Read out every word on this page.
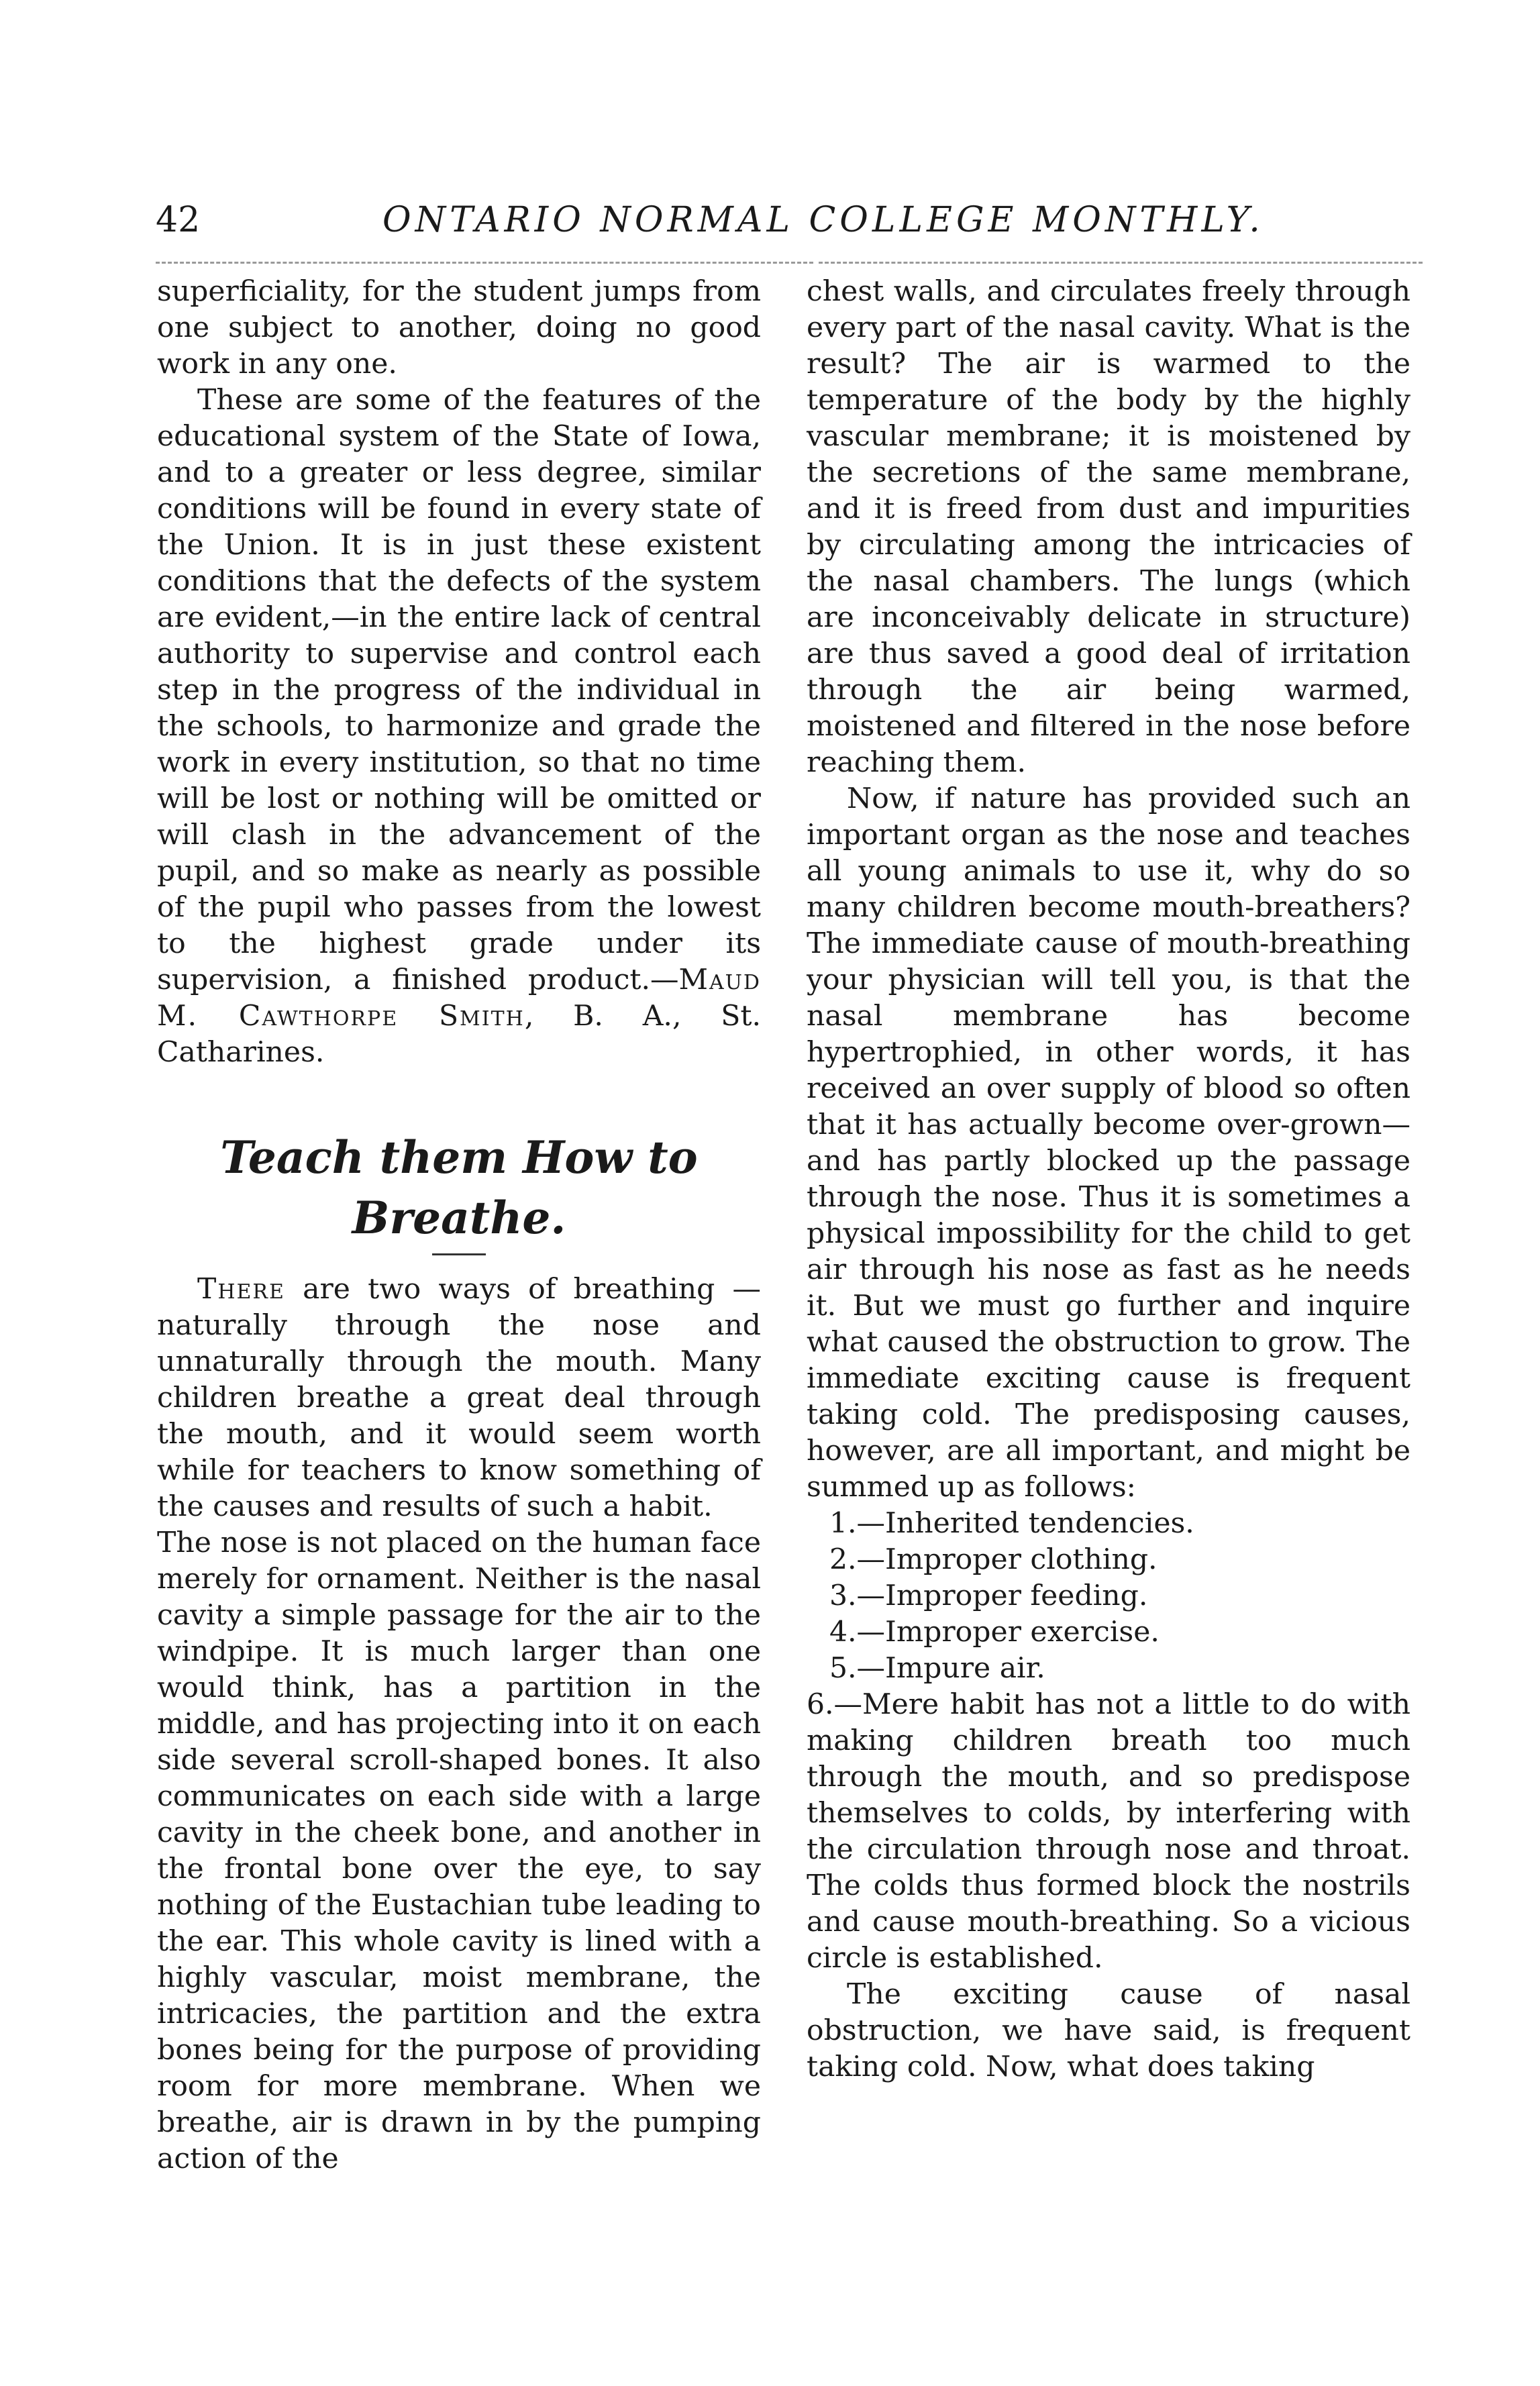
42	ONTARIO NORMAL COLLEGE MONTHLY.

superficiality, for the student jumps from one subject to another, doing no good work in any one.

These are some of the features of the educational system of the State of Iowa, and to a greater or less degree, similar conditions will be found in every state of the Union. It is in just these existent conditions that the defects of the system are evident,—in the entire lack of central authority to supervise and control each step in the progress of the individual in the schools, to harmonize and grade the work in every institution, so that no time will be lost or nothing will be omitted or will clash in the advancement of the pupil, and so make as nearly as possible of the pupil who passes from the lowest to the highest grade under its supervision, a finished product.—Maud M. Cawthorpe Smith, B. A., St. Catharines.

Teach them How to Breathe.

There are two ways of breathing —naturally through the nose and unnaturally through the mouth. Many children breathe a great deal through the mouth, and it would seem worth while for teachers to know something of the causes and results of such a habit.

The nose is not placed on the human face merely for ornament. Neither is the nasal cavity a simple passage for the air to the windpipe. It is much larger than one would think, has a partition in the middle, and has projecting into it on each side several scroll-shaped bones. It also communicates on each side with a large cavity in the cheek bone, and another in the frontal bone over the eye, to say nothing of the Eustachian tube leading to the ear. This whole cavity is lined with a highly vascular, moist membrane, the intricacies, the partition and the extra bones being for the purpose of providing room for more membrane. When we breathe, air is drawn in by the pumping action of the

chest walls, and circulates freely through every part of the nasal cavity. What is the result? The air is warmed to the temperature of the body by the highly vascular membrane; it is moistened by the secretions of the same membrane, and it is freed from dust and impurities by circulating among the intricacies of the nasal chambers. The lungs (which are inconceivably delicate in structure) are thus saved a good deal of irritation through the air being warmed, moistened and filtered in the nose before reaching them.

Now, if nature has provided such an important organ as the nose and teaches all young animals to use it, why do so many children become mouth-breathers? The immediate cause of mouth-breathing your physician will tell you, is that the nasal membrane has become hypertrophied, in other words, it has received an over supply of blood so often that it has actually become over-grown—and has partly blocked up the passage through the nose. Thus it is sometimes a physical impossibility for the child to get air through his nose as fast as he needs it. But we must go further and inquire what caused the obstruction to grow. The immediate exciting cause is frequent taking cold. The predisposing causes, however, are all important, and might be summed up as follows:

1.—Inherited tendencies.
2.—Improper clothing.
3.—Improper feeding.
4.—Improper exercise.
5.—Impure air.
6.—Mere habit has not a little to do with making children breath too much through the mouth, and so predispose themselves to colds, by interfering with the circulation through nose and throat. The colds thus formed block the nostrils and cause mouth-breathing. So a vicious circle is established.

The exciting cause of nasal obstruction, we have said, is frequent taking cold. Now, what does taking
